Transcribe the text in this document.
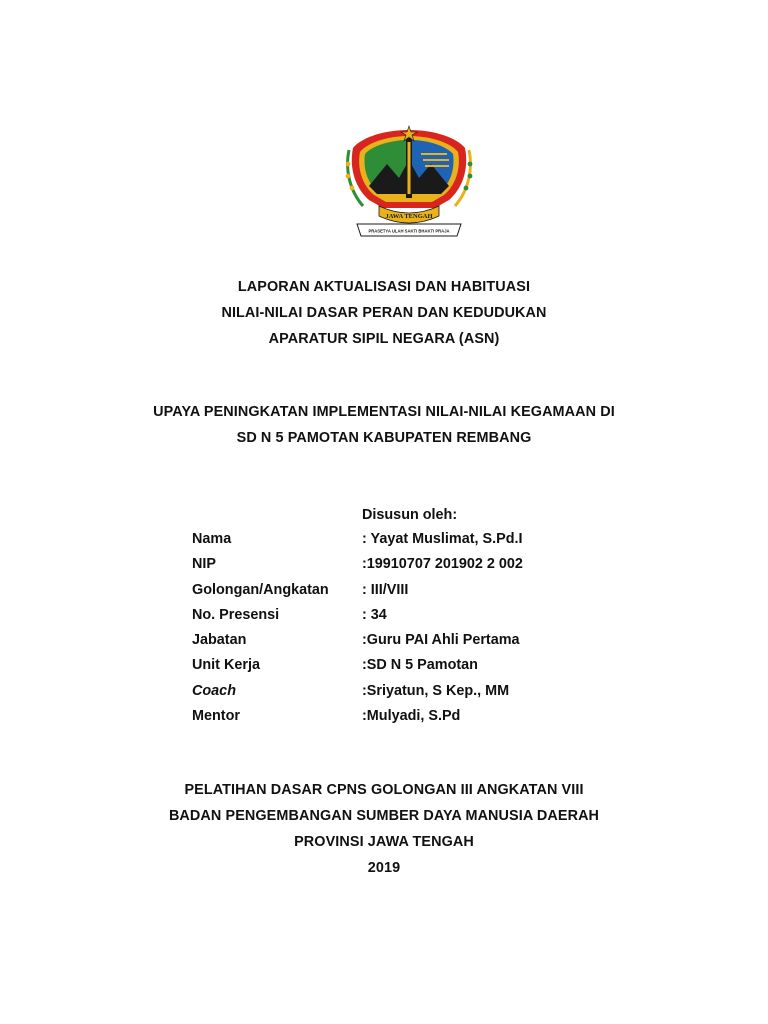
JAWA TENGAH
PRASETYA ULAH SAKTI BHAKTI PRAJA
LAPORAN AKTUALISASI DAN HABITUASI
NILAI-NILAI DASAR PERAN DAN KEDUDUKAN
APARATUR SIPIL NEGARA (ASN)
UPAYA PENINGKATAN IMPLEMENTASI NILAI-NILAI KEGAMAAN DI
SD N 5 PAMOTAN KABUPATEN REMBANG
Disusun oleh:
Nama	: Yayat Muslimat, S.Pd.I
NIP	:19910707 201902 2 002
Golongan/Angkatan : III/VIII
No. Presensi	: 34
Jabatan	:Guru PAI Ahli Pertama
Unit Kerja	:SD N 5 Pamotan
Coach	:Sriyatun, S Kep., MM
Mentor	:Mulyadi, S.Pd
PELATIHAN DASAR CPNS GOLONGAN III ANGKATAN VIII
BADAN PENGEMBANGAN SUMBER DAYA MANUSIA DAERAH
PROVINSI JAWA TENGAH
2019
